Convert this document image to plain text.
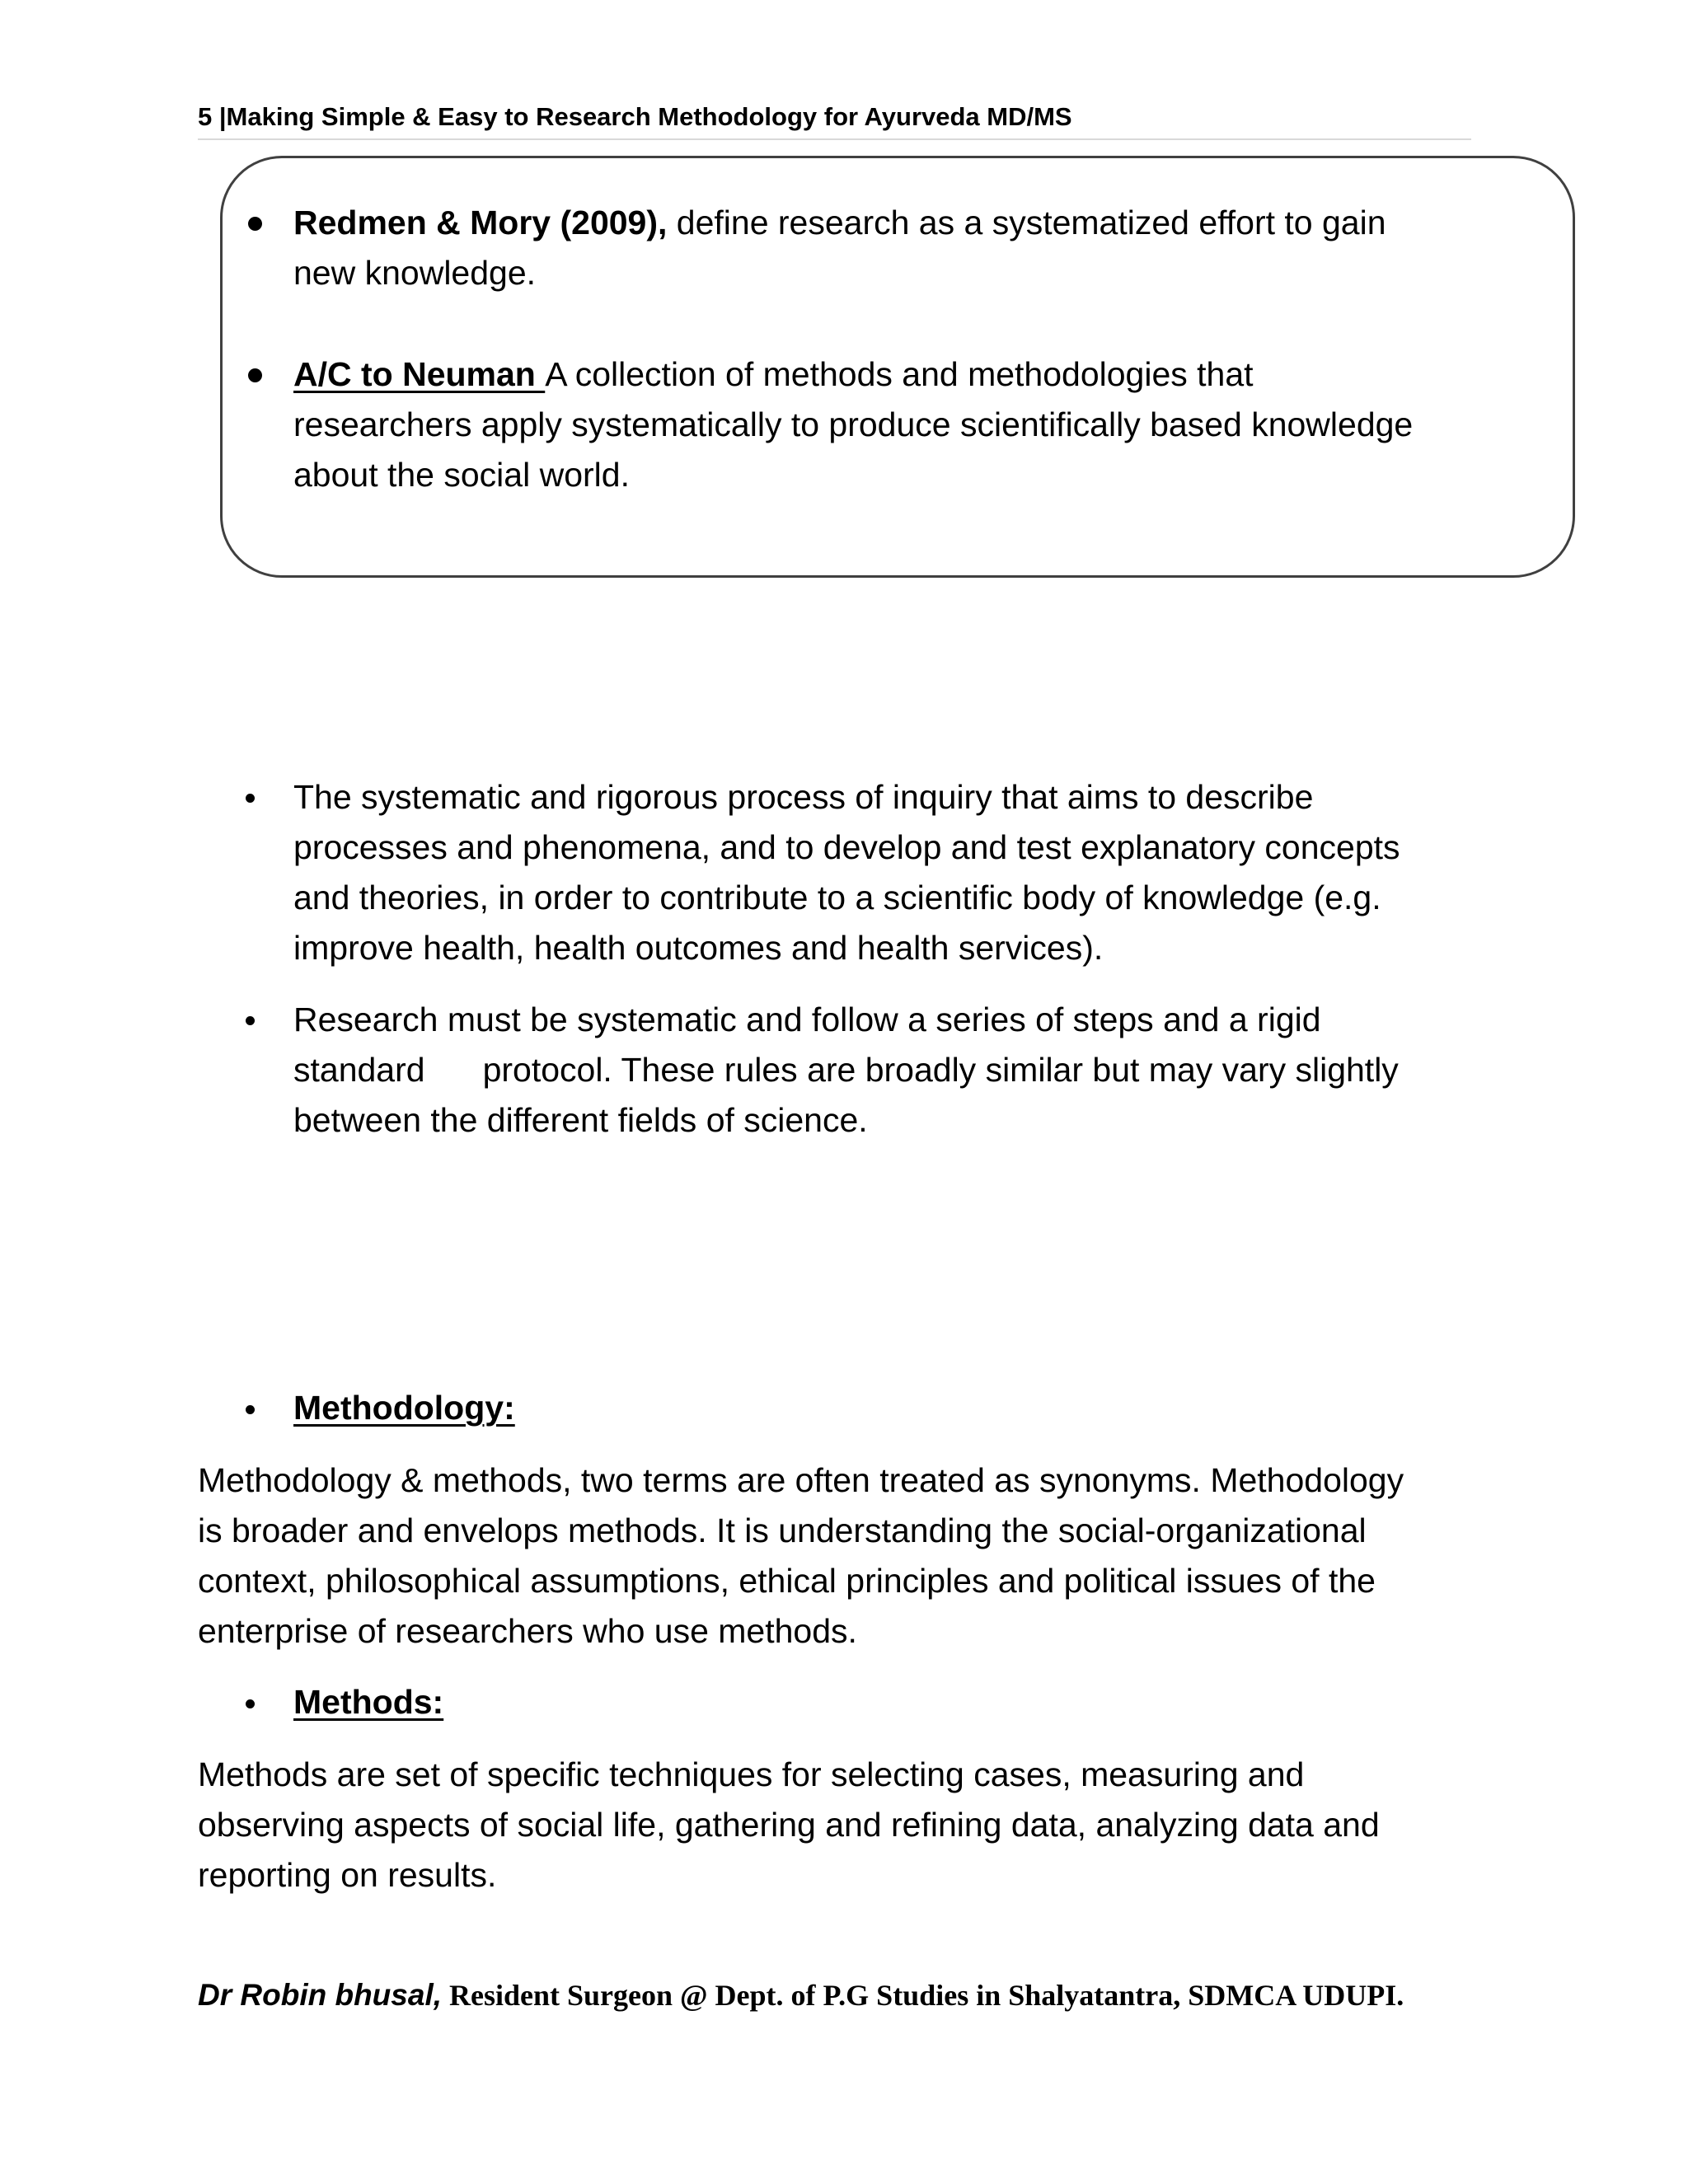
5 |Making Simple & Easy to Research Methodology for Ayurveda MD/MS
Redmen & Mory (2009), define research as a systematized effort to gain
new knowledge.
A/C to Neuman A collection of methods and methodologies that
researchers apply systematically to produce scientifically based knowledge
about the social world.
The systematic and rigorous process of inquiry that aims to describe
processes and phenomena, and to develop and test explanatory concepts
and theories, in order to contribute to a scientific body of knowledge (e.g.
improve health, health outcomes and health services).
Research must be systematic and follow a series of steps and a rigid
standard protocol. These rules are broadly similar but may vary slightly
between the different fields of science.
Methodology:
Methodology & methods, two terms are often treated as synonyms. Methodology
is broader and envelops methods. It is understanding the social-organizational
context, philosophical assumptions, ethical principles and political issues of the
enterprise of researchers who use methods.
Methods:
Methods are set of specific techniques for selecting cases, measuring and
observing aspects of social life, gathering and refining data, analyzing data and
reporting on results.
Dr Robin bhusal, Resident Surgeon @ Dept. of P.G Studies in Shalyatantra, SDMCA UDUPI.
